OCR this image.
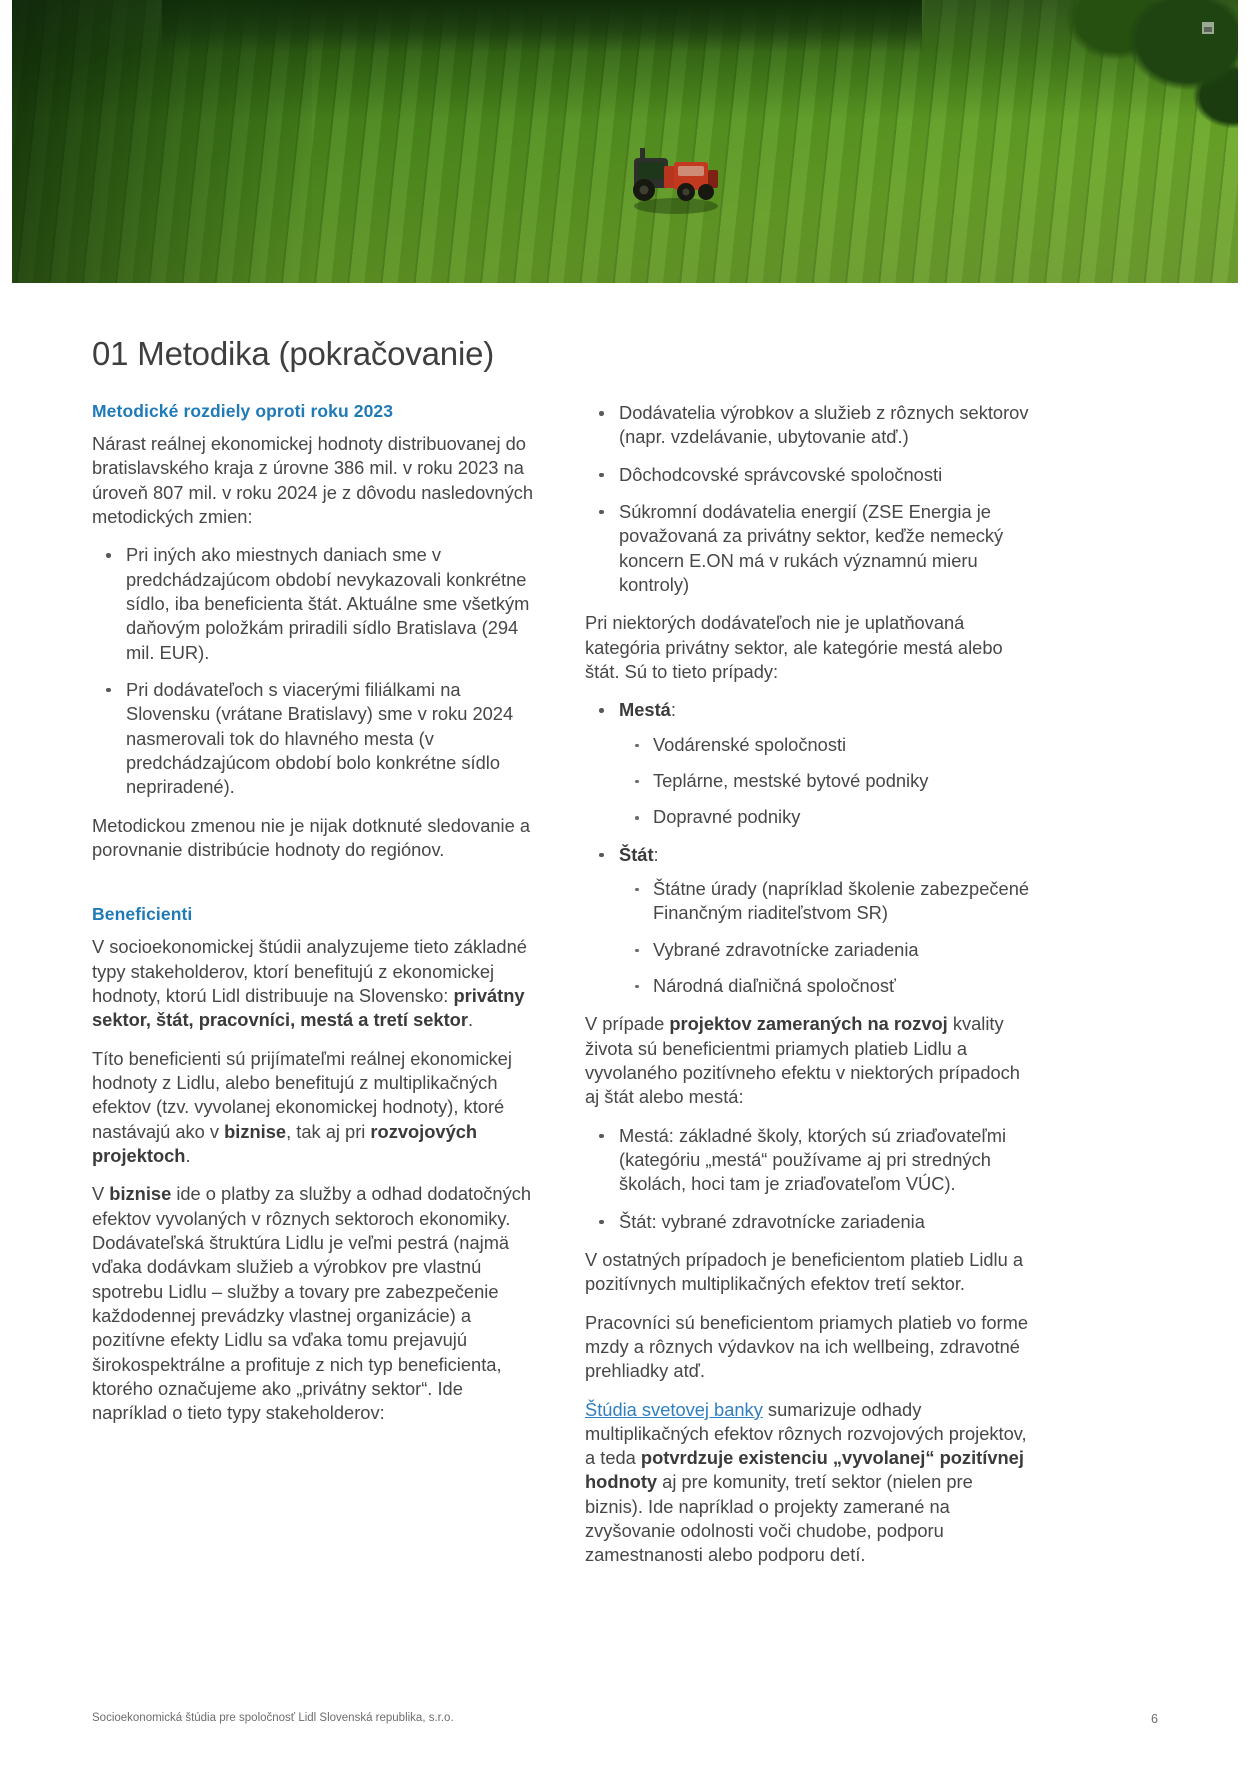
01 Metodika (pokračovanie)
Metodické rozdiely oproti roku 2023

Nárast reálnej ekonomickej hodnoty distribuovanej do bratislavského kraja z úrovne 386 mil. v roku 2023 na úroveň 807 mil. v roku 2024 je z dôvodu nasledovných metodických zmien:

Pri iných ako miestnych daniach sme v predchádzajúcom období nevykazovali konkrétne sídlo, iba beneficienta štát. Aktuálne sme všetkým daňovým položkám priradili sídlo Bratislava (294 mil. EUR).
Pri dodávateľoch s viacerými filiálkami na Slovensku (vrátane Bratislavy) sme v roku 2024 nasmerovali tok do hlavného mesta (v predchádzajúcom období bolo konkrétne sídlo nepriradené).

Metodickou zmenou nie je nijak dotknuté sledovanie a porovnanie distribúcie hodnoty do regiónov.

Beneficienti

V socioekonomickej štúdii analyzujeme tieto základné typy stakeholderov, ktorí benefitujú z ekonomickej hodnoty, ktorú Lidl distribuuje na Slovensko: privátny sektor, štát, pracovníci, mestá a tretí sektor.

Títo beneficienti sú prijímateľmi reálnej ekonomickej hodnoty z Lidlu, alebo benefitujú z multiplikačných efektov (tzv. vyvolanej ekonomickej hodnoty), ktoré nastávajú ako v biznise, tak aj pri rozvojových projektoch.

V biznise ide o platby za služby a odhad dodatočných efektov vyvolaných v rôznych sektoroch ekonomiky. Dodávateľská štruktúra Lidlu je veľmi pestrá (najmä vďaka dodávkam služieb a výrobkov pre vlastnú spotrebu Lidlu – služby a tovary pre zabezpečenie každodennej prevádzky vlastnej organizácie) a pozitívne efekty Lidlu sa vďaka tomu prejavujú širokospektrálne a profituje z nich typ beneficienta, ktorého označujeme ako „privátny sektor“. Ide napríklad o tieto typy stakeholderov:

Dodávatelia výrobkov a služieb z rôznych sektorov (napr. vzdelávanie, ubytovanie atď.)
Dôchodcovské správcovské spoločnosti
Súkromní dodávatelia energií (ZSE Energia je považovaná za privátny sektor, keďže nemecký koncern E.ON má v rukách významnú mieru kontroly)

Pri niektorých dodávateľoch nie je uplatňovaná kategória privátny sektor, ale kategórie mestá alebo štát. Sú to tieto prípady:

Mestá:
Vodárenské spoločnosti
Teplárne, mestské bytové podniky
Dopravné podniky
Štát:
Štátne úrady (napríklad školenie zabezpečené Finančným riaditeľstvom SR)
Vybrané zdravotnícke zariadenia
Národná diaľničná spoločnosť

V prípade projektov zameraných na rozvoj kvality života sú beneficientmi priamych platieb Lidlu a vyvolaného pozitívneho efektu v niektorých prípadoch aj štát alebo mestá:

Mestá: základné školy, ktorých sú zriaďovateľmi (kategóriu „mestá“ používame aj pri stredných školách, hoci tam je zriaďovateľom VÚC).
Štát: vybrané zdravotnícke zariadenia

V ostatných prípadoch je beneficientom platieb Lidlu a pozitívnych multiplikačných efektov tretí sektor.

Pracovníci sú beneficientom priamych platieb vo forme mzdy a rôznych výdavkov na ich wellbeing, zdravotné prehliadky atď.

Štúdia svetovej banky sumarizuje odhady multiplikačných efektov rôznych rozvojových projektov, a teda potvrdzuje existenciu „vyvolanej“ pozitívnej hodnoty aj pre komunity, tretí sektor (nielen pre biznis). Ide napríklad o projekty zamerané na zvyšovanie odolnosti voči chudobe, podporu zamestnanosti alebo podporu detí.

Socioekonomická štúdia pre spoločnosť Lidl Slovenská republika, s.r.o.	6
